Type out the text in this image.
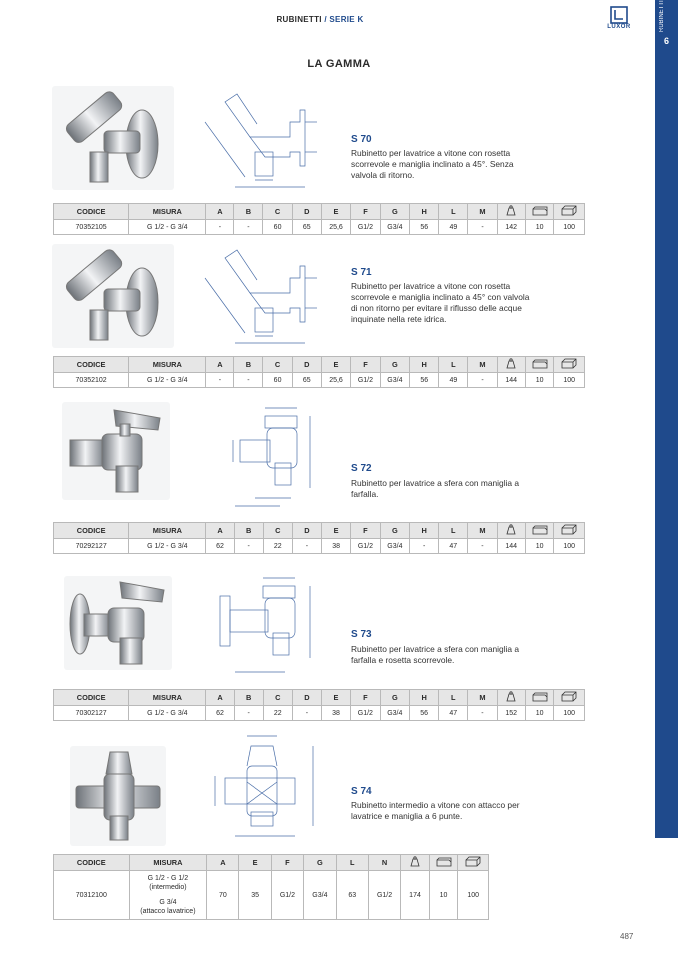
RUBINETTI / SERIE K
LUXOR	RUBINETTI
6
LA GAMMA
S 70
Rubinetto per lavatrice a vitone con rosetta scorrevole e maniglia inclinato a 45°. Senza valvola di ritorno.
CODICE	MISURA	A	B	C	D	E	F	G	H	L	M			
70352105	G 1/2 - G 3/4	-	-	60	65	25,6	G1/2	G3/4	56	49	-	142	10	100
S 71
Rubinetto per lavatrice a vitone con rosetta scorrevole e maniglia inclinato a 45° con valvola di non ritorno per evitare il riflusso delle acque inquinate nella rete idrica.
CODICE	MISURA	A	B	C	D	E	F	G	H	L	M			
70352102	G 1/2 - G 3/4	-	-	60	65	25,6	G1/2	G3/4	56	49	-	144	10	100
S 72
Rubinetto per lavatrice a sfera con maniglia a farfalla.
CODICE	MISURA	A	B	C	D	E	F	G	H	L	M			
70292127	G 1/2 - G 3/4	62	-	22	-	38	G1/2	G3/4	-	47	-	144	10	100
S 73
Rubinetto per lavatrice a sfera con maniglia a farfalla e rosetta scorrevole.
CODICE	MISURA	A	B	C	D	E	F	G	H	L	M			
70302127	G 1/2 - G 3/4	62	-	22	-	38	G1/2	G3/4	56	47	-	152	10	100
S 74
Rubinetto intermedio a vitone con attacco per lavatrice e maniglia a 6 punte.
CODICE	MISURA	A	E	F	G	L	N			
70312100	G 1/2 - G 1/2
(intermedio)
G 3/4
(attacco lavatrice)	70	35	G1/2	G3/4	63	G1/2	174	10	100
487
